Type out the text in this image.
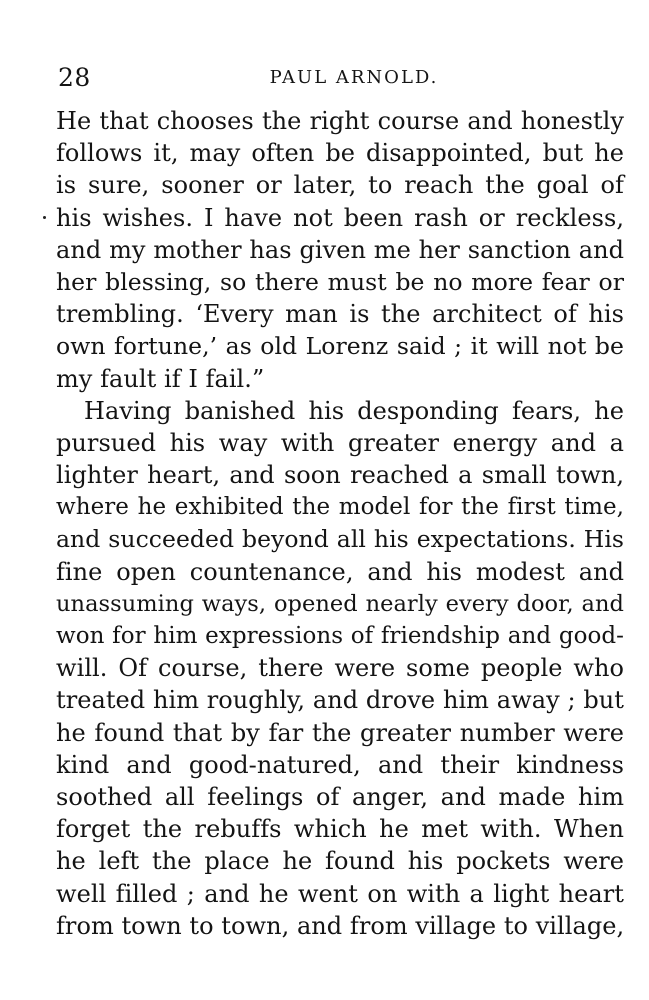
28	PAUL ARNOLD.
He that chooses the right course and honestly
follows it, may often be disappointed, but he
is sure, sooner or later, to reach the goal of
his wishes. I have not been rash or reckless,
and my mother has given me her sanction and
her blessing, so there must be no more fear or
trembling. ‘Every man is the architect of his
own fortune,’ as old Lorenz said ; it will not be
my fault if I fail.”
Having banished his desponding fears, he
pursued his way with greater energy and a
lighter heart, and soon reached a small town,
where he exhibited the model for the first time,
and succeeded beyond all his expectations. His
fine open countenance, and his modest and
unassuming ways, opened nearly every door, and
won for him expressions of friendship and good-
will. Of course, there were some people who
treated him roughly, and drove him away ; but
he found that by far the greater number were
kind and good-natured, and their kindness
soothed all feelings of anger, and made him
forget the rebuffs which he met with. When
he left the place he found his pockets were
well filled ; and he went on with a light heart
from town to town, and from village to village,
